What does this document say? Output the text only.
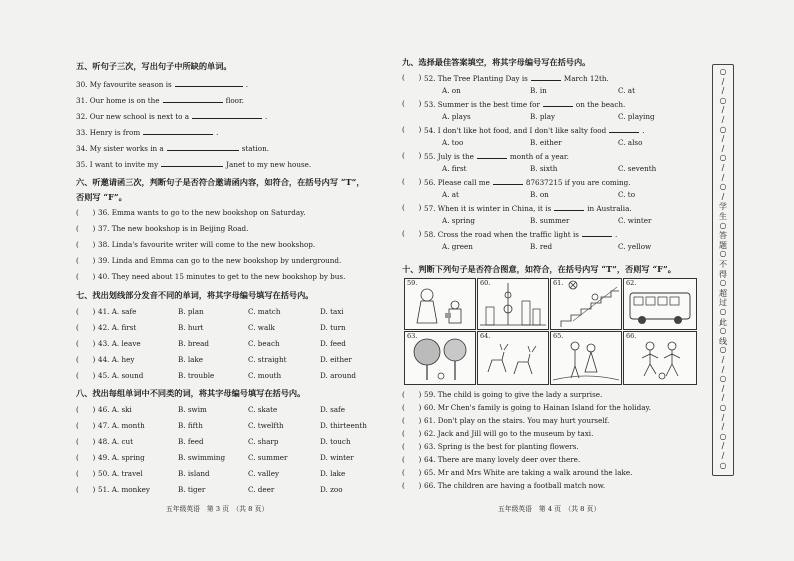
五、听句子三次，写出句子中所缺的单词。
30. My favourite season is	.
31. Our home is on the	floor.
32. Our new school is next to a	.
33. Henry is from	.
34. My sister works in a	station.
35. I want to invite my	Janet to my new house.
六、听邀请函三次，判断句子是否符合邀请函内容，如符合，在括号内写 “T”，
否则写 “F”。
(      ) 36. Emma wants to go to the new bookshop on Saturday.
(      ) 37. The new bookshop is in Beijing Road.
(      ) 38. Linda's favourite writer will come to the new bookshop.
(      ) 39. Linda and Emma can go to the new bookshop by underground.
(      ) 40. They need about 15 minutes to get to the new bookshop by bus.
七、找出划线部分发音不同的单词，将其字母编号填写在括号内。
(      ) 41. A. safe	B. plan	C. match	D. taxi
(      ) 42. A. first	B. hurt	C. walk	D. turn
(      ) 43. A. leave	B. bread	C. beach	D. feed
(      ) 44. A. hey	B. lake	C. straight	D. either
(      ) 45. A. sound	B. trouble	C. mouth	D. around
八、找出每组单词中不同类的词，将其字母编号填写在括号内。
(      ) 46. A. ski	B. swim	C. skate	D. safe
(      ) 47. A. month	B. fifth	C. twelfth	D. thirteenth
(      ) 48. A. cut	B. feed	C. sharp	D. touch
(      ) 49. A. spring	B. swimming	C. summer	D. winter
(      ) 50. A. travel	B. island	C. valley	D. lake
(      ) 51. A. monkey	B. tiger	C. deer	D. zoo
五年级英语　第 3 页　（共 8 页）
九、选择最佳答案填空，将其字母编号写在括号内。
(      ) 52. The Tree Planting Day is	March 12th.
A. on	B. in	C. at
(      ) 53. Summer is the best time for	on the beach.
A. plays	B. play	C. playing
(      ) 54. I don't like hot food, and I don't like salty food	.
A. too	B. either	C. also
(      ) 55. July is the	month of a year.
A. first	B. sixth	C. seventh
(      ) 56. Please call me	87637215 if you are coming.
A. at	B. on	C. to
(      ) 57. When it is winter in China, it is	in Australia.
A. spring	B. summer	C. winter
(      ) 58. Cross the road when the traffic light is	.
A. green	B. red	C. yellow
十、判断下列句子是否符合图意，如符合，在括号内写 “T”，否则写 “F”。
59.	60.	61.	62.
63.	64.	65.	66.
(      ) 59. The child is going to give the lady a surprise.
(      ) 60. Mr Chen's family is going to Hainan Island for the holiday.
(      ) 61. Don't play on the stairs. You may hurt yourself.
(      ) 62. Jack and Jill will go to the museum by taxi.
(      ) 63. Spring is the best for planting flowers.
(      ) 64. There are many lovely deer over there.
(      ) 65. Mr and Mrs White are taking a walk around the lake.
(      ) 66. The children are having a football match now.
五年级英语　第 4 页　（共 8 页）
○
/
/
○
/
/
○
/
/
○
/
/
○
/
学
生
○
答
题
○
不
得
○
超
过
○
此
○
线
○
/
/
○
/
/
○
/
/
○
/
/
○
